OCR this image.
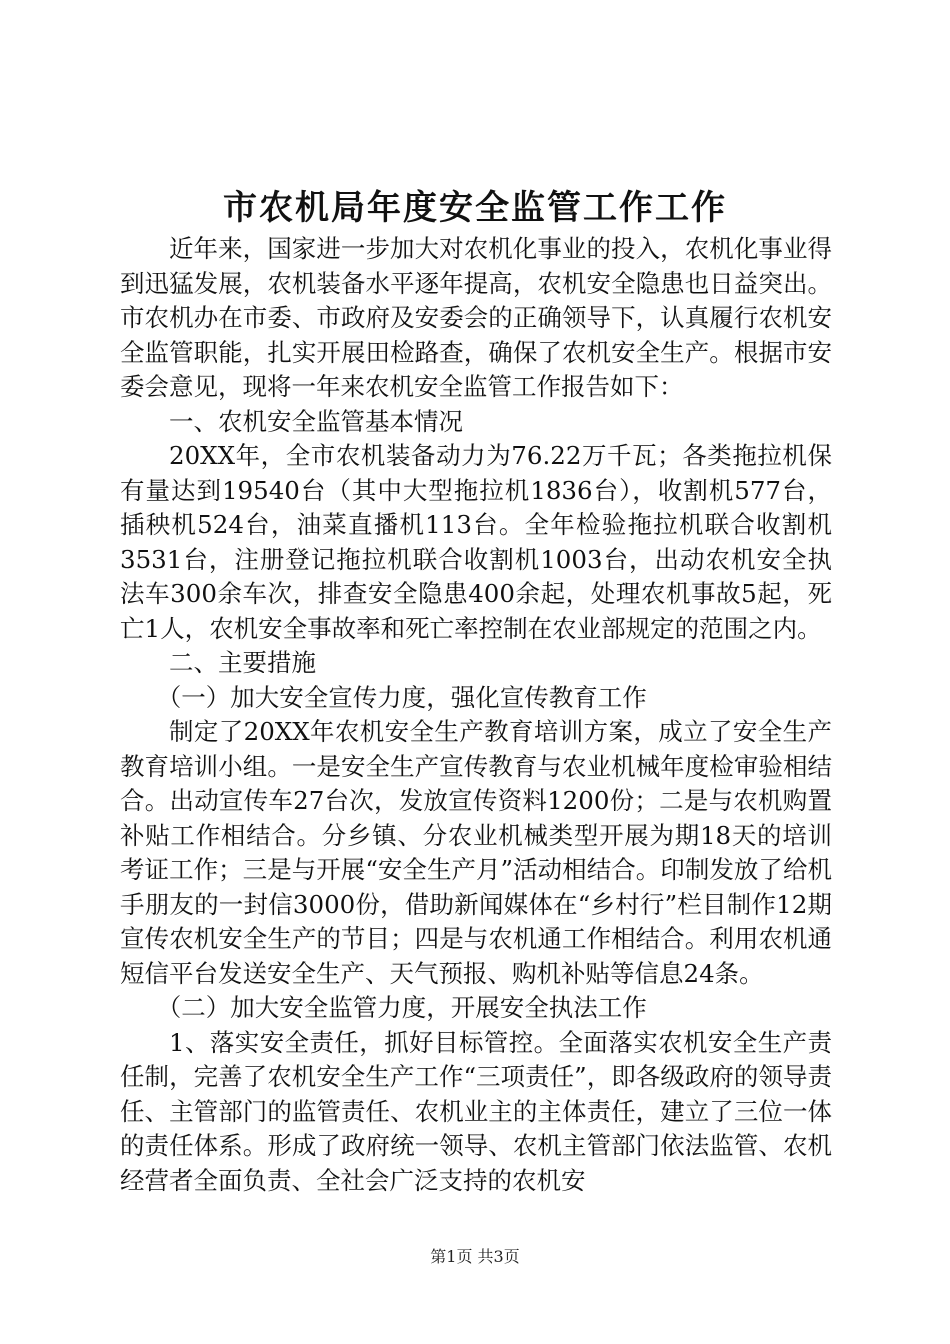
市农机局年度安全监管工作工作

近年来，国家进一步加大对农机化事业的投入，农机化事业得到迅猛发展，农机装备水平逐年提高，农机安全隐患也日益突出。市农机办在市委、市政府及安委会的正确领导下，认真履行农机安全监管职能，扎实开展田检路查，确保了农机安全生产。根据市安委会意见，现将一年来农机安全监管工作报告如下：

一、农机安全监管基本情况

20XX年，全市农机装备动力为76.22万千瓦；各类拖拉机保有量达到19540台（其中大型拖拉机1836台），收割机577台，插秧机524台，油菜直播机113台。全年检验拖拉机联合收割机3531台，注册登记拖拉机联合收割机1003台，出动农机安全执法车300余车次，排查安全隐患400余起，处理农机事故5起，死亡1人，农机安全事故率和死亡率控制在农业部规定的范围之内。

二、主要措施

（一）加大安全宣传力度，强化宣传教育工作

制定了20XX年农机安全生产教育培训方案，成立了安全生产教育培训小组。一是安全生产宣传教育与农业机械年度检审验相结合。出动宣传车27台次，发放宣传资料1200份；二是与农机购置补贴工作相结合。分乡镇、分农业机械类型开展为期18天的培训考证工作；三是与开展“安全生产月”活动相结合。印制发放了给机手朋友的一封信3000份，借助新闻媒体在“乡村行”栏目制作12期宣传农机安全生产的节目；四是与农机通工作相结合。利用农机通短信平台发送安全生产、天气预报、购机补贴等信息24条。

（二）加大安全监管力度，开展安全执法工作

1、落实安全责任，抓好目标管控。全面落实农机安全生产责任制，完善了农机安全生产工作“三项责任”，即各级政府的领导责任、主管部门的监管责任、农机业主的主体责任，建立了三位一体的责任体系。形成了政府统一领导、农机主管部门依法监管、农机经营者全面负责、全社会广泛支持的农机安

第1页 共3页
